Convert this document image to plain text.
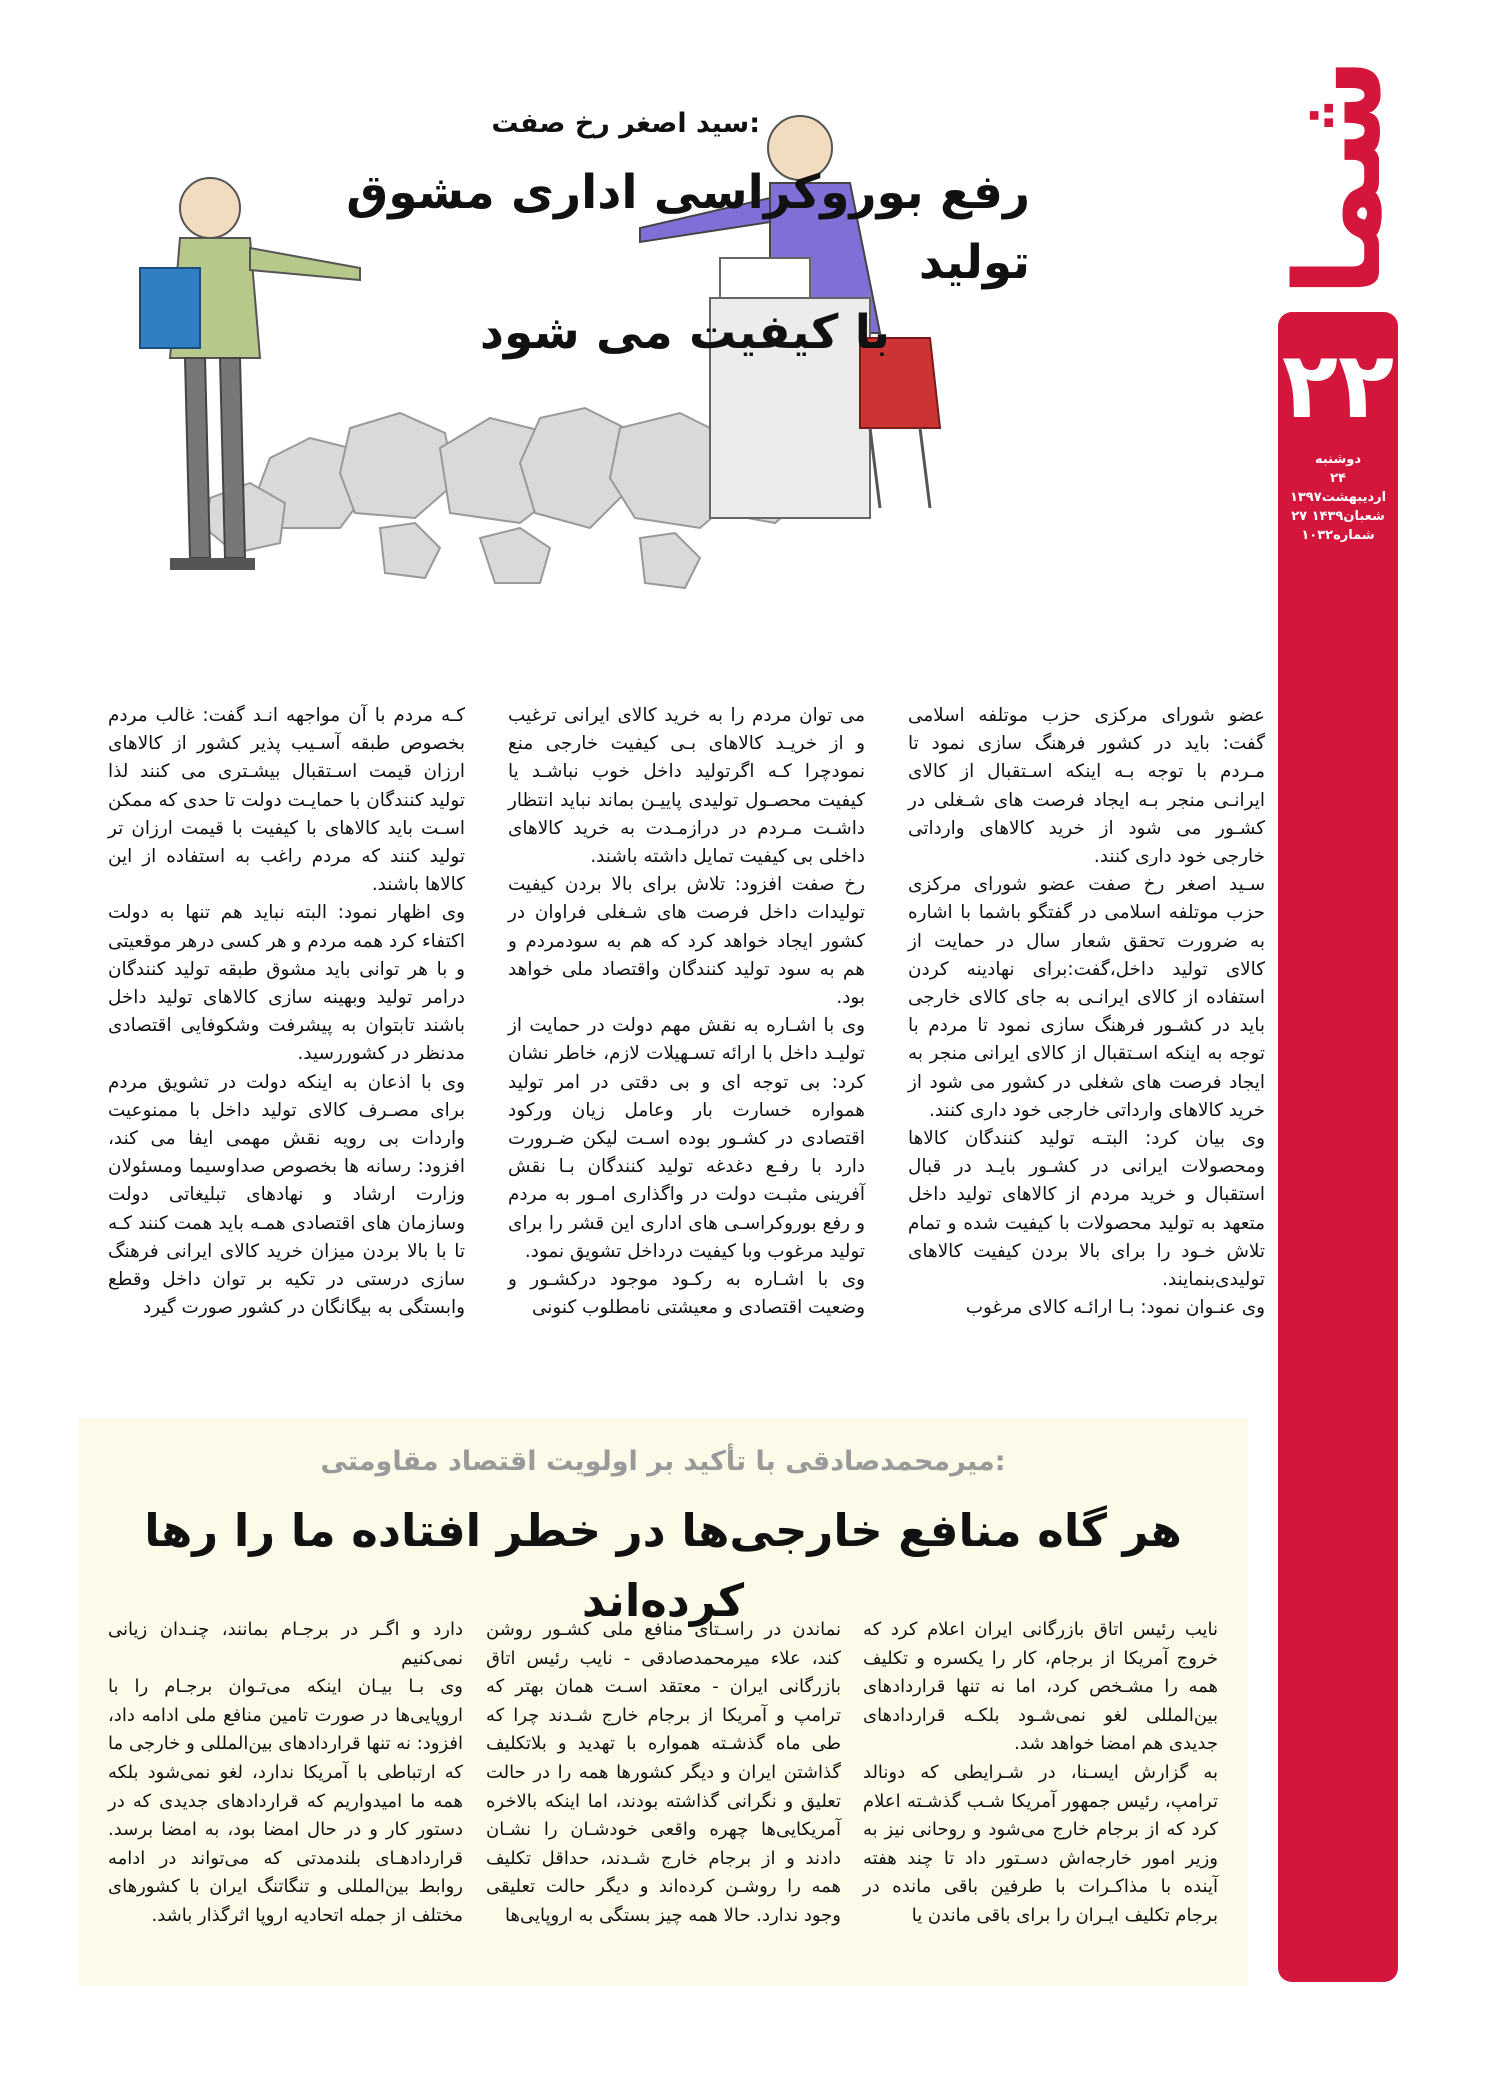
شما
۲۲
دوشنبه
۲۴ اردیبهشت۱۳۹۷
۲۷ شعبان۱۴۳۹
شماره۱۰۳۲
سید اصغر رخ صفت:
رفع بوروکراسی اداری مشوق تولید
با کیفیت می شود
عضو شورای مرکزی حزب موتلفه اسلامی گفت: باید در کشور فرهنگ سازی نمود تا مـردم با توجه بـه اینکه اسـتقبال از کالای ایرانـی منجر بـه ایجاد فرصت های شـغلی در کشـور می شود از خرید کالاهای وارداتی خارجی خود داری کنند.
سـید اصغر رخ صفت عضو شورای مرکزی حزب موتلفه اسلامی در گفتگو باشما با اشاره به ضرورت تحقق شعار سال در حمایت از کالای تولید داخل،گفت:برای نهادینه کردن استفاده از کالای ایرانـی به جای کالای خارجی باید در کشـور فرهنگ سازی نمود تا مردم با توجه به اینکه اسـتقبال از کالای ایرانی منجر به ایجاد فرصت های شغلی در کشور می شود از خرید کالاهای وارداتی خارجی خود داری کنند.
وی بیان کرد: البتـه تولید کنندگان کالاها ومحصولات ایرانی در کشـور بایـد در قبال استقبال و خرید مردم از کالاهای تولید داخل متعهد به تولید محصولات با کیفیت شده و تمام تلاش خـود را برای بالا بردن کیفیت کالاهای تولیدی‌بنمایند.
وی عنـوان نمود: بـا ارائـه کالای مرغوب
می توان مردم را به خرید کالای ایرانی ترغیب و از خریـد کالاهای بـی کیفیت خارجی منع نمودچرا کـه اگرتولید داخل خوب نباشـد یا کیفیت محصـول تولیدی پاییـن بماند نباید انتظار داشـت مـردم در درازمـدت به خرید کالاهای داخلی بی کیفیت تمایل داشته باشند.
رخ صفت افزود: تلاش برای بالا بردن کیفیت تولیدات داخل فرصت های شـغلی فراوان در کشور ایجاد خواهد کرد که هم به سودمردم و هم به سود تولید کنندگان واقتصاد ملی خواهد بود.
وی با اشـاره به نقش مهم دولت در حمایت از تولیـد داخل با ارائه تسـهیلات لازم، خاطر نشان کرد: بی توجه ای و بی دقتی در امر تولید همواره خسارت بار وعامل زیان ورکود اقتصادی در کشـور بوده اسـت لیکن ضـرورت دارد با رفـع دغدغه تولید کنندگان بـا نقش آفرینی مثبـت دولت در واگذاری امـور به مردم و رفع بوروکراسـی های اداری این قشر را برای تولید مرغوب وبا کیفیت درداخل تشویق نمود.
وی با اشـاره به رکـود موجود درکشـور و وضعیت اقتصادی و معیشتی نامطلوب کنونی
کـه مردم با آن مواجهه انـد گفت: غالب مردم بخصوص طبقه آسـیب پذیر کشور از کالاهای ارزان قیمت اسـتقبال بیشـتری می کنند لذا تولید کنندگان با حمایـت دولت تا حدی که ممکن اسـت باید کالاهای با کیفیت با قیمت ارزان تر تولید کنند که مردم راغب به استفاده از این کالاها باشند.
وی اظهار نمود: البته نباید هم تنها به دولت اکتفاء کرد همه مردم و هر کسی درهر موقعیتی و با هر توانی باید مشوق طبقه تولید کنندگان درامر تولید وبهینه سازی کالاهای تولید داخل باشند تابتوان به پیشرفت وشکوفایی اقتصادی مدنظر در کشوررسید.
وی با اذعان به اینکه دولت در تشویق مردم برای مصـرف کالای تولید داخل با ممنوعیت واردات بی رویه نقش مهمی ایفا می کند، افزود: رسانه ها بخصوص صداوسیما ومسئولان وزارت ارشاد و نهادهای تبلیغاتی دولت وسازمان های اقتصادی همـه باید همت کنند کـه تا با بالا بردن میزان خرید کالای ایرانی فرهنگ سازی درستی در تکیه بر توان داخل وقطع وابستگی به بیگانگان در کشور صورت گیرد
میرمحمدصادقی با تأکید بر اولویت اقتصاد مقاومتی:
هر گاه منافع خارجی‌ها در خطر افتاده ما را رها کرده‌اند
نایب رئیس اتاق بازرگانی ایران اعلام کرد که خروج آمریکا از برجام، کار را یکسره و تکلیف همه را مشـخص کرد، اما نه تنها قراردادهای بین‌المللی لغو نمی‌شـود بلکـه قراردادهای جدیدی هم امضا خواهد شد.
به گزارش ایسـنا، در شـرایطی که دونالد ترامپ، رئیس جمهور آمریکا شـب گذشـته اعلام کرد که از برجام خارج می‌شود و روحانی نیز به وزیر امور خارجه‌اش دسـتور داد تا چند هفته آینده با مذاکـرات با طرفین باقی مانده در برجام تکلیف ایـران را برای باقی ماندن یا
نماندن در راسـتای منافع ملی کشـور روشن کند، علاء میرمحمدصادقی - نایب رئیس اتاق بازرگانی ایران - معتقد اسـت همان بهتر که ترامپ و آمریکا از برجام خارج شـدند چرا که طی ماه گذشـته همواره با تهدید و بلاتکلیف گذاشتن ایران و دیگر کشورها همه را در حالت تعلیق و نگرانی گذاشته بودند، اما اینکه بالاخره آمریکایی‌ها چهره واقعی خودشـان را نشـان دادند و از برجام خارج شـدند، حداقل تکلیف همه را روشـن کرده‌اند و دیگر حالت تعلیقی وجود ندارد. حالا همه چیز بستگی به اروپایی‌ها
دارد و اگـر در برجـام بمانند، چنـدان زیانی نمی‌کنیم
وی بـا بیـان اینکه می‌تـوان برجـام را با اروپایی‌ها در صورت تامین منافع ملی ادامه داد، افزود: نه تنها قراردادهای بین‌المللی و خارجی ما که ارتباطی با آمریکا ندارد، لغو نمی‌شود بلکه همه ما امیدواریم که قراردادهای جدیدی که در دستور کار و در حال امضا بود، به امضا برسد. قراردادهـای بلندمدتی که می‌تواند در ادامه روابط بین‌المللی و تنگاتنگ ایران با کشورهای مختلف از جمله اتحادیه اروپا اثرگذار باشد.
